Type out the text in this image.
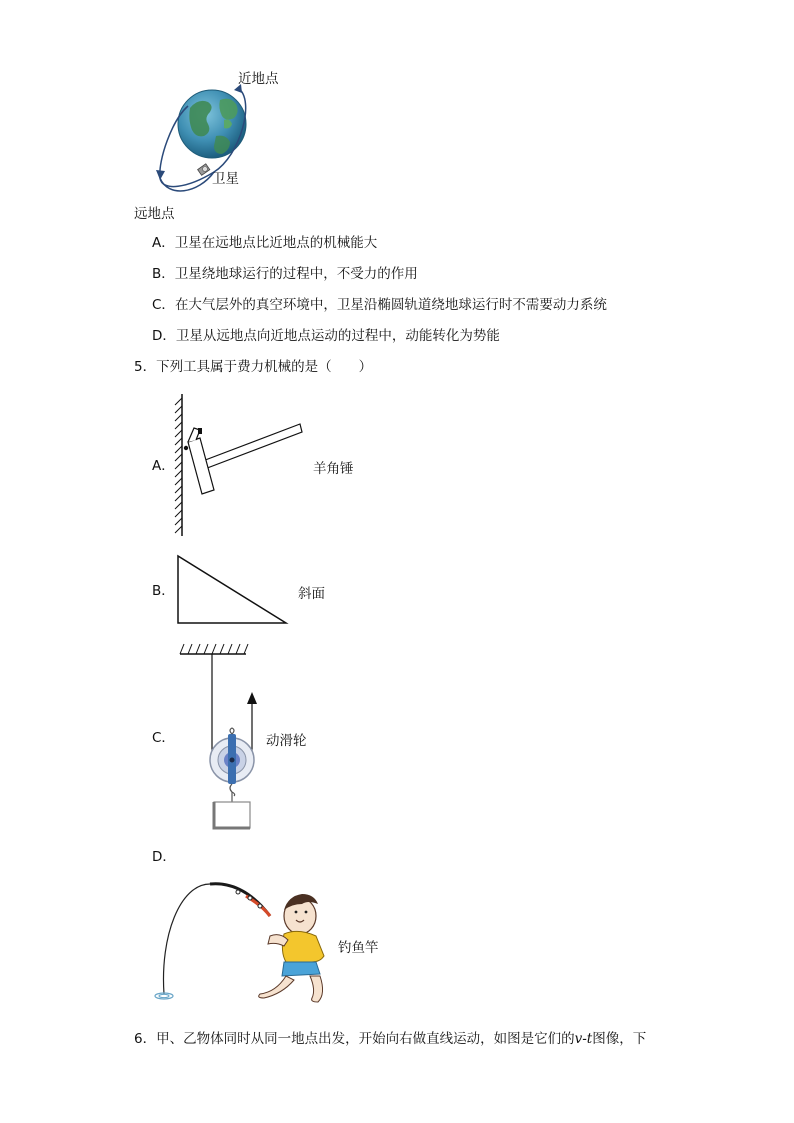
近地点
卫星
远地点
A．卫星在远地点比近地点的机械能大
B．卫星绕地球运行的过程中，不受力的作用
C．在大气层外的真空环境中，卫星沿椭圆轨道绕地球运行时不需要动力系统
D．卫星从远地点向近地点运动的过程中，动能转化为势能
5．下列工具属于费力机械的是（　　）
A．	羊角锤
B．	斜面
C．	动滑轮
D．
钓鱼竿
6．甲、乙物体同时从同一地点出发，开始向右做直线运动，如图是它们的v-t图像，下
